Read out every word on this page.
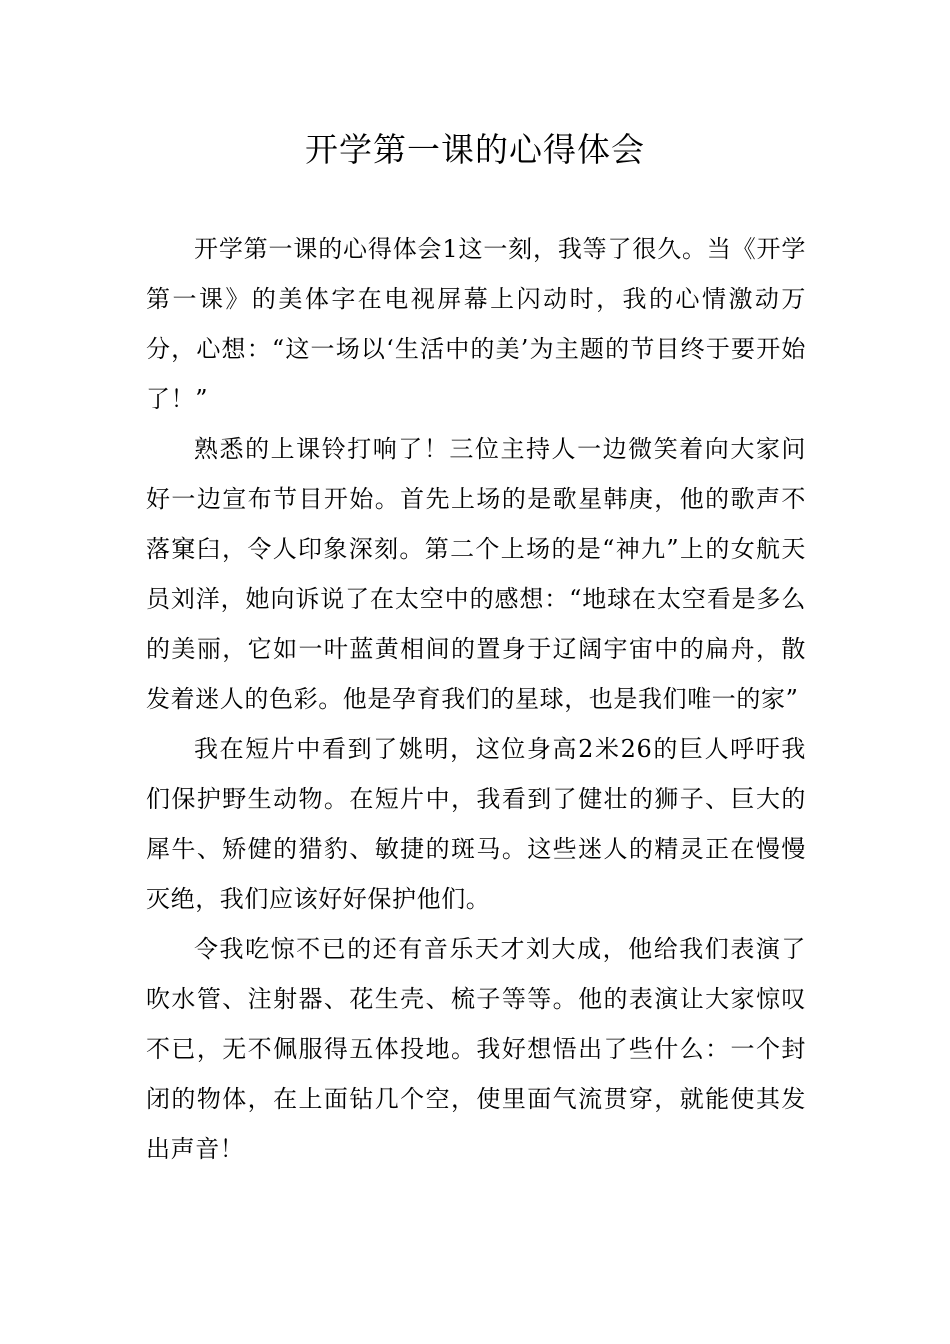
开学第一课的心得体会

开学第一课的心得体会1这一刻，我等了很久。当《开学第一课》的美体字在电视屏幕上闪动时，我的心情激动万分，心想：“这一场以‘生活中的美’为主题的节目终于要开始了！”

熟悉的上课铃打响了！三位主持人一边微笑着向大家问好一边宣布节目开始。首先上场的是歌星韩庚，他的歌声不落窠臼，令人印象深刻。第二个上场的是“神九”上的女航天员刘洋，她向诉说了在太空中的感想：“地球在太空看是多么的美丽，它如一叶蓝黄相间的置身于辽阔宇宙中的扁舟，散发着迷人的色彩。他是孕育我们的星球，也是我们唯一的家”

我在短片中看到了姚明，这位身高2米26的巨人呼吁我们保护野生动物。在短片中，我看到了健壮的狮子、巨大的犀牛、矫健的猎豹、敏捷的斑马。这些迷人的精灵正在慢慢灭绝，我们应该好好保护他们。

令我吃惊不已的还有音乐天才刘大成，他给我们表演了吹水管、注射器、花生壳、梳子等等。他的表演让大家惊叹不已，无不佩服得五体投地。我好想悟出了些什么：一个封闭的物体，在上面钻几个空，使里面气流贯穿，就能使其发出声音！
